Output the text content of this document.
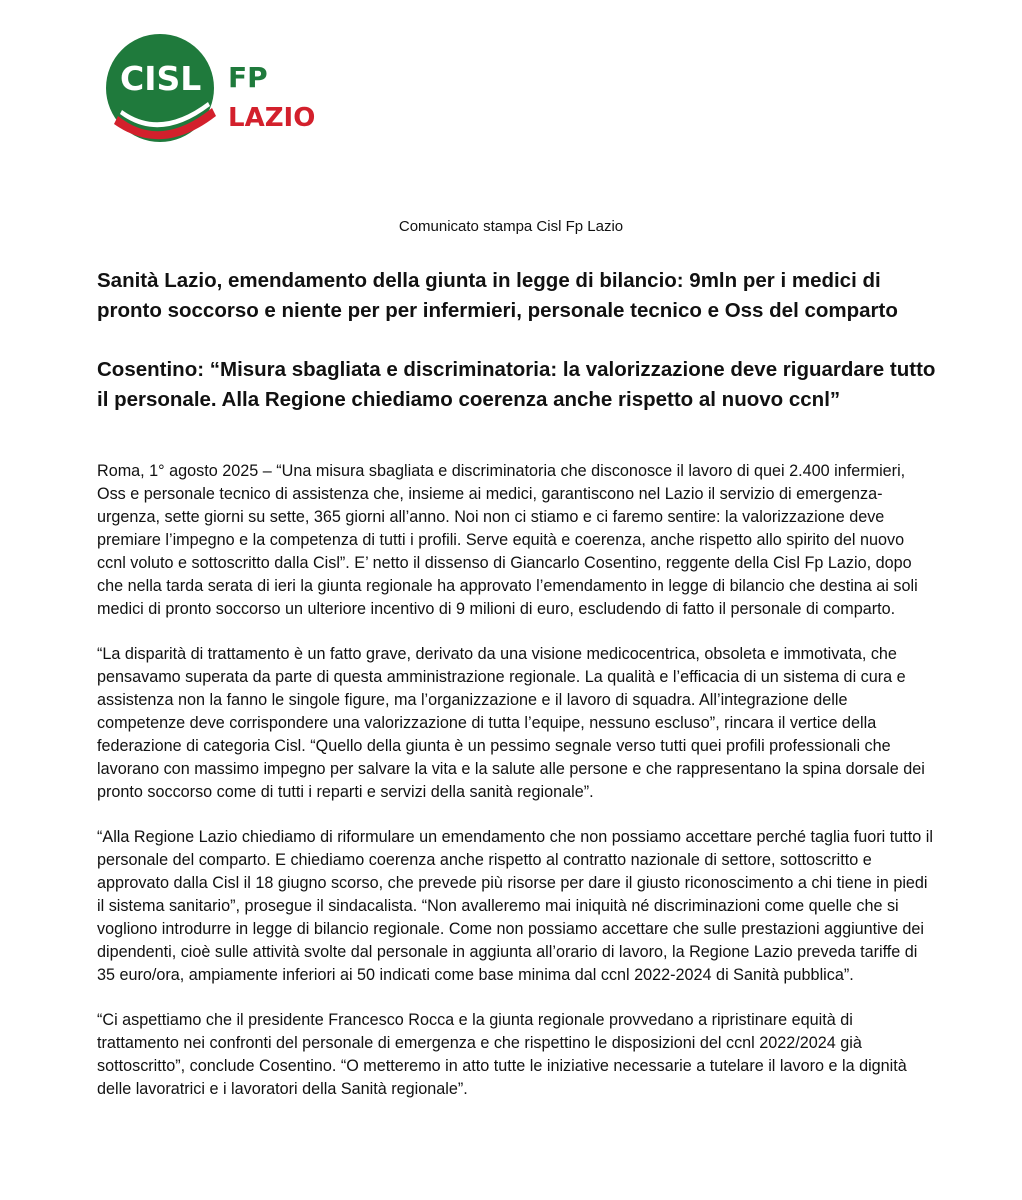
CISL FP
LAZIO
Comunicato stampa Cisl Fp Lazio
Sanità Lazio, emendamento della giunta in legge di bilancio: 9mln per i medici di pronto soccorso e niente per per infermieri, personale tecnico e Oss del comparto
Cosentino: “Misura sbagliata e discriminatoria: la valorizzazione deve riguardare tutto il personale. Alla Regione chiediamo coerenza anche rispetto al nuovo ccnl”

Roma, 1° agosto 2025 – “Una misura sbagliata e discriminatoria che disconosce il lavoro di quei 2.400 infermieri, Oss e personale tecnico di assistenza che, insieme ai medici, garantiscono nel Lazio il servizio di emergenza-urgenza, sette giorni su sette, 365 giorni all’anno. Noi non ci stiamo e ci faremo sentire: la valorizzazione deve premiare l’impegno e la competenza di tutti i profili. Serve equità e coerenza, anche rispetto allo spirito del nuovo ccnl voluto e sottoscritto dalla Cisl”. E’ netto il dissenso di Giancarlo Cosentino, reggente della Cisl Fp Lazio, dopo che nella tarda serata di ieri la giunta regionale ha approvato l’emendamento in legge di bilancio che destina ai soli medici di pronto soccorso un ulteriore incentivo di 9 milioni di euro, escludendo di fatto il personale di comparto.

“La disparità di trattamento è un fatto grave, derivato da una visione medicocentrica, obsoleta e immotivata, che pensavamo superata da parte di questa amministrazione regionale. La qualità e l’efficacia di un sistema di cura e assistenza non la fanno le singole figure, ma l’organizzazione e il lavoro di squadra. All’integrazione delle competenze deve corrispondere una valorizzazione di tutta l’equipe, nessuno escluso”, rincara il vertice della federazione di categoria Cisl. “Quello della giunta è un pessimo segnale verso tutti quei profili professionali che lavorano con massimo impegno per salvare la vita e la salute alle persone e che rappresentano la spina dorsale dei pronto soccorso come di tutti i reparti e servizi della sanità regionale”.

“Alla Regione Lazio chiediamo di riformulare un emendamento che non possiamo accettare perché taglia fuori tutto il personale del comparto. E chiediamo coerenza anche rispetto al contratto nazionale di settore, sottoscritto e approvato dalla Cisl il 18 giugno scorso, che prevede più risorse per dare il giusto riconoscimento a chi tiene in piedi il sistema sanitario”, prosegue il sindacalista. “Non avalleremo mai iniquità né discriminazioni come quelle che si vogliono introdurre in legge di bilancio regionale. Come non possiamo accettare che sulle prestazioni aggiuntive dei dipendenti, cioè sulle attività svolte dal personale in aggiunta all’orario di lavoro, la Regione Lazio preveda tariffe di 35 euro/ora, ampiamente inferiori ai 50 indicati come base minima dal ccnl 2022-2024 di Sanità pubblica”.

“Ci aspettiamo che il presidente Francesco Rocca e la giunta regionale provvedano a ripristinare equità di trattamento nei confronti del personale di emergenza e che rispettino le disposizioni del ccnl 2022/2024 già sottoscritto”, conclude Cosentino. “O metteremo in atto tutte le iniziative necessarie a tutelare il lavoro e la dignità delle lavoratrici e i lavoratori della Sanità regionale”.
